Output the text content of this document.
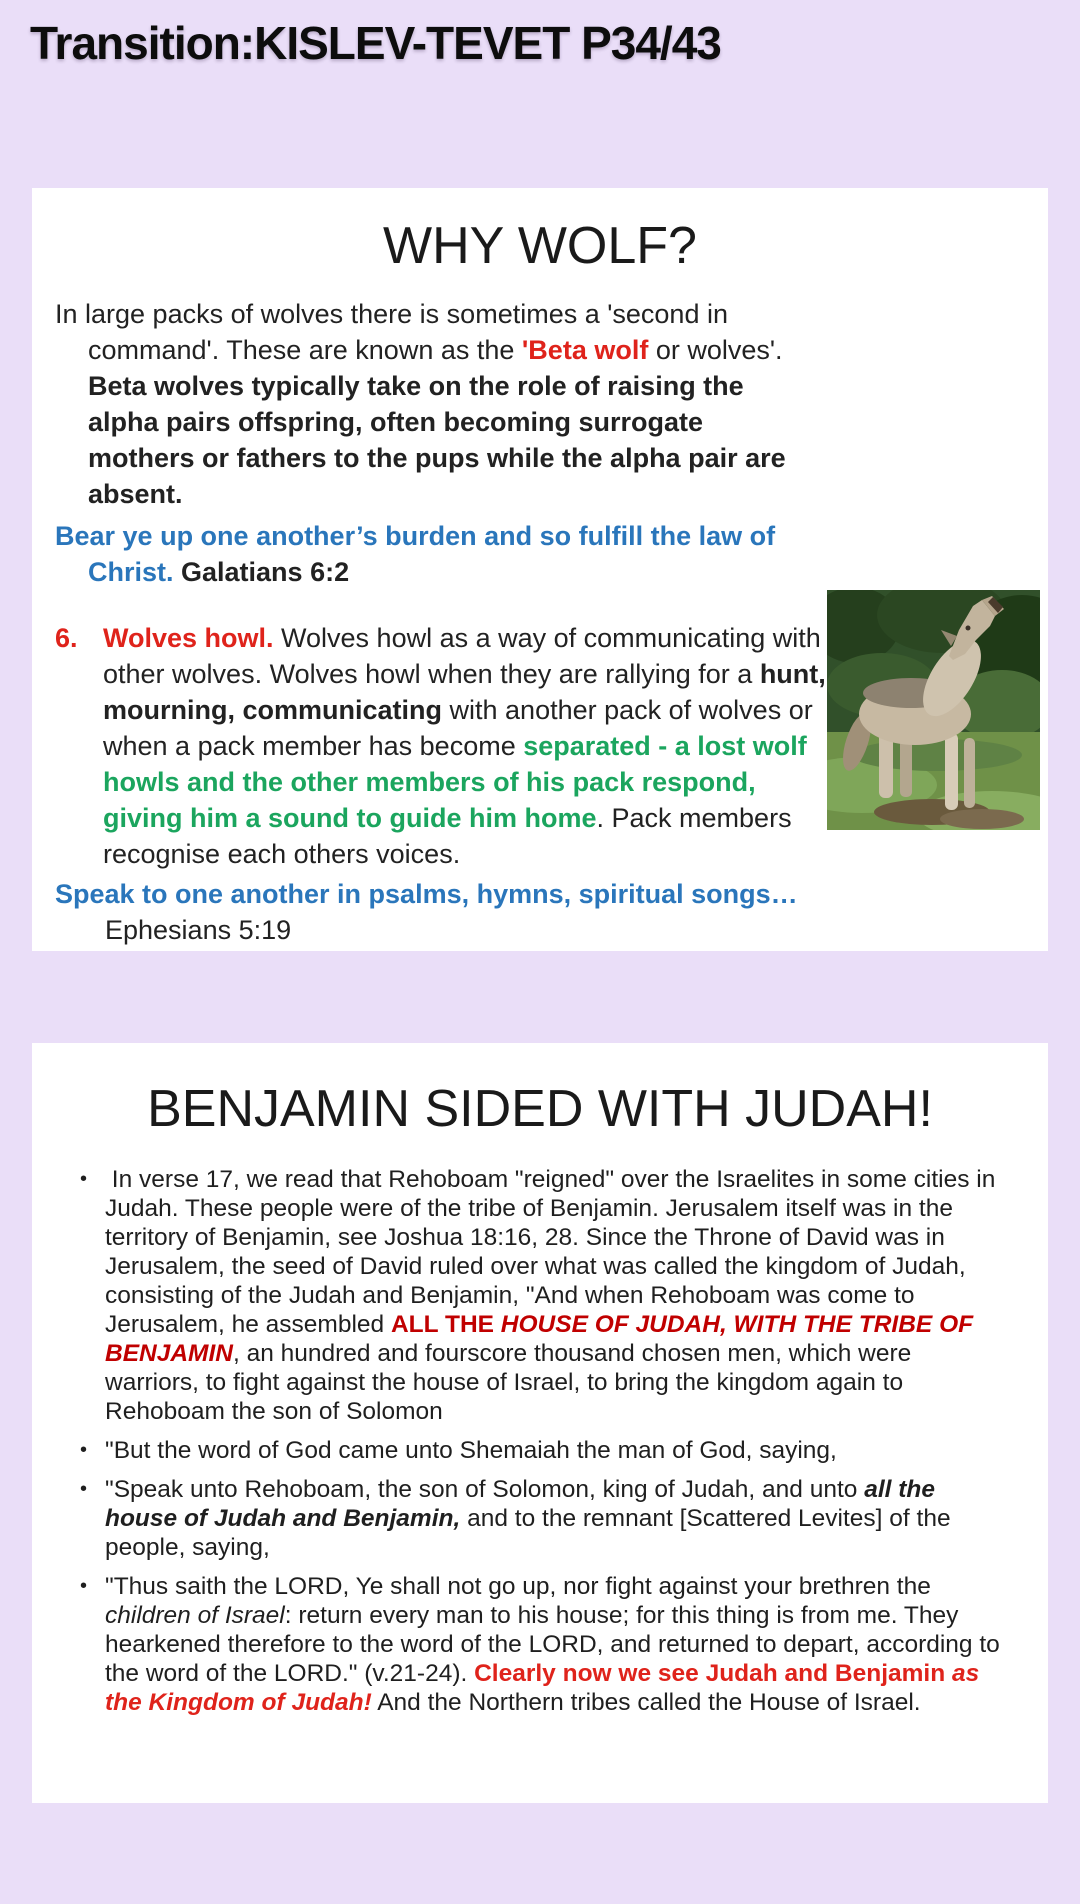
Transition:KISLEV-TEVET P34/43
WHY WOLF?

In large packs of wolves there is sometimes a 'second in command'. These are known as the 'Beta wolf or wolves'. Beta wolves typically take on the role of raising the alpha pairs offspring, often becoming surrogate mothers or fathers to the pups while the alpha pair are absent.

Bear ye up one another’s burden and so fulfill the law of Christ. Galatians 6:2

6. Wolves howl. Wolves howl as a way of communicating with other wolves. Wolves howl when they are rallying for a hunt, mourning, communicating with another pack of wolves or when a pack member has become separated - a lost wolf howls and the other members of his pack respond, giving him a sound to guide him home. Pack members recognise each others voices.

Speak to one another in psalms, hymns, spiritual songs…

Ephesians 5:19

BENJAMIN SIDED WITH JUDAH!
• In verse 17, we read that Rehoboam "reigned" over the Israelites in some cities in Judah. These people were of the tribe of Benjamin. Jerusalem itself was in the territory of Benjamin, see Joshua 18:16, 28. Since the Throne of David was in Jerusalem, the seed of David ruled over what was called the kingdom of Judah, consisting of the Judah and Benjamin, "And when Rehoboam was come to Jerusalem, he assembled ALL THE HOUSE OF JUDAH, WITH THE TRIBE OF BENJAMIN, an hundred and fourscore thousand chosen men, which were warriors, to fight against the house of Israel, to bring the kingdom again to Rehoboam the son of Solomon
• "But the word of God came unto Shemaiah the man of God, saying,
• "Speak unto Rehoboam, the son of Solomon, king of Judah, and unto all the house of Judah and Benjamin, and to the remnant [Scattered Levites] of the people, saying,
• "Thus saith the LORD, Ye shall not go up, nor fight against your brethren the children of Israel: return every man to his house; for this thing is from me. They hearkened therefore to the word of the LORD, and returned to depart, according to the word of the LORD." (v.21-24). Clearly now we see Judah and Benjamin as the Kingdom of Judah! And the Northern tribes called the House of Israel.
